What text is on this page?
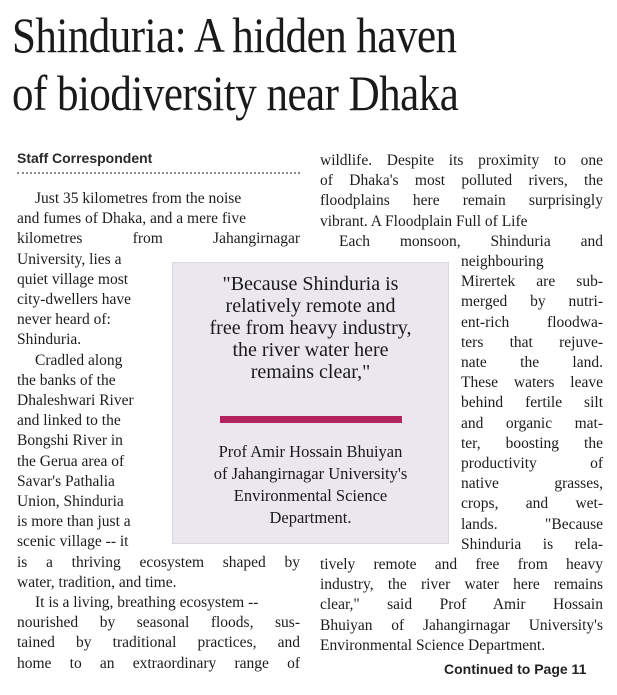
Shinduria: A hidden haven
of biodiversity near Dhaka
Staff Correspondent
Just 35 kilometres from the noise
and fumes of Dhaka, and a mere five
kilometres from Jahangirnagar
University, lies a
quiet village most
city-dwellers have
never heard of:
Shinduria.
Cradled along
the banks of the
Dhaleshwari River
and linked to the
Bongshi River in
the Gerua area of
Savar's Pathalia
Union, Shinduria
is more than just a
scenic village -- it
is a thriving ecosystem shaped by
water, tradition, and time.
It is a living, breathing ecosystem --
nourished by seasonal floods, sus-
tained by traditional practices, and
home to an extraordinary range of
wildlife. Despite its proximity to one
of Dhaka's most polluted rivers, the
floodplains here remain surprisingly
vibrant. A Floodplain Full of Life
Each monsoon, Shinduria and
neighbouring
Mirertek are sub-
merged by nutri-
ent-rich floodwa-
ters that rejuve-
nate the land.
These waters leave
behind fertile silt
and organic mat-
ter, boosting the
productivity of
native grasses,
crops, and wet-
lands. "Because
Shinduria is rela-
tively remote and free from heavy
industry, the river water here remains
clear," said Prof Amir Hossain
Bhuiyan of Jahangirnagar University's
Environmental Science Department.
"Because Shinduria is
relatively remote and
free from heavy industry,
the river water here
remains clear,"
Prof Amir Hossain Bhuiyan
of Jahangirnagar University's
Environmental Science
Department.
Continued to Page 11
